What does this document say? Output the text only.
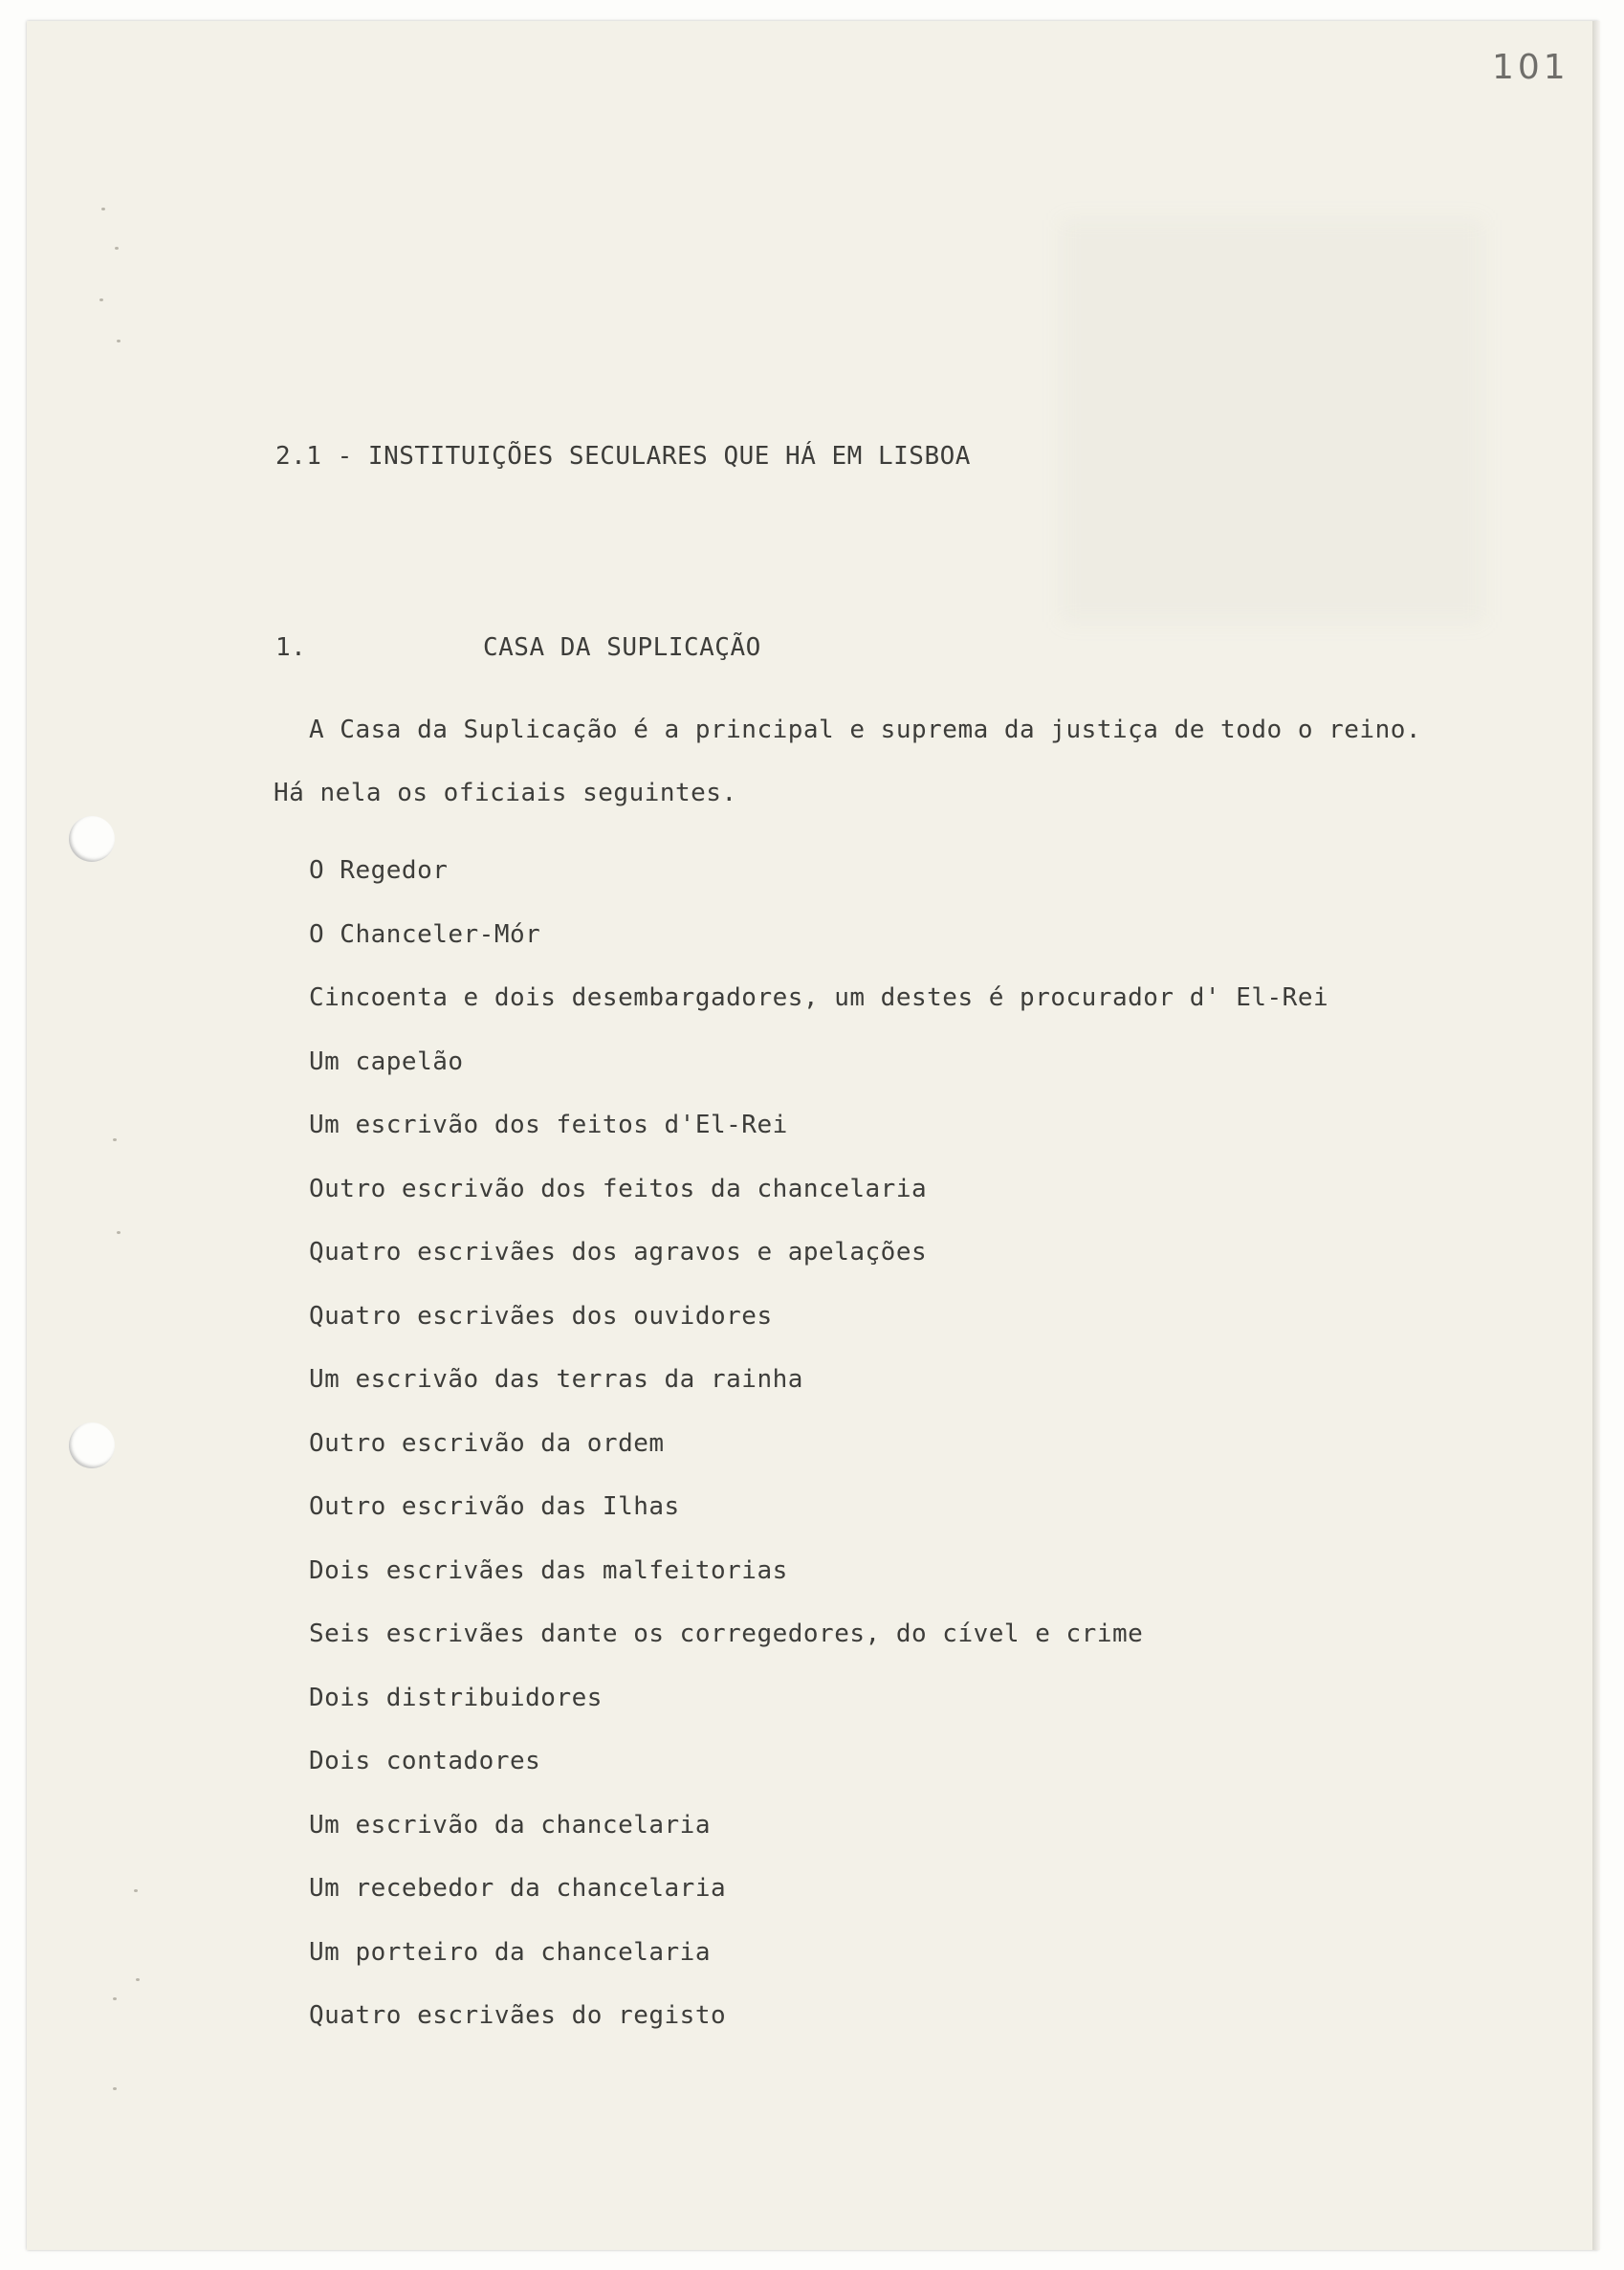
101
2.1 - INSTITUIÇÕES SECULARES QUE HÁ EM LISBOA
1.	CASA DA SUPLICAÇÃO
A Casa da Suplicação é a principal e suprema da justiça de todo o reino.
Há nela os oficiais seguintes.
O Regedor
O Chanceler-Mór
Cincoenta e dois desembargadores, um destes é procurador d' El-Rei
Um capelão
Um escrivão dos feitos d'El-Rei
Outro escrivão dos feitos da chancelaria
Quatro escrivães dos agravos e apelações
Quatro escrivães dos ouvidores
Um escrivão das terras da rainha
Outro escrivão da ordem
Outro escrivão das Ilhas
Dois escrivães das malfeitorias
Seis escrivães dante os corregedores, do cível e crime
Dois distribuidores
Dois contadores
Um escrivão da chancelaria
Um recebedor da chancelaria
Um porteiro da chancelaria
Quatro escrivães do registo
